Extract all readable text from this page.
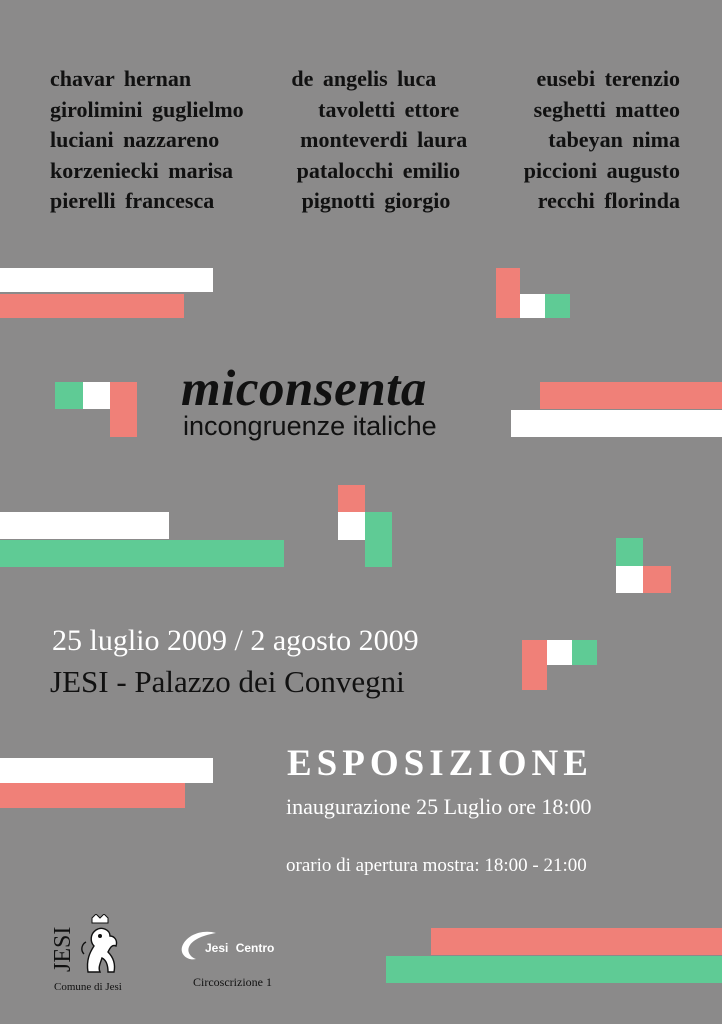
chavar hernan	de angelis luca	eusebi terenzio
girolimini guglielmo	tavoletti ettore	seghetti matteo
luciani nazzareno	monteverdi laura	tabeyan nima
korzeniecki marisa	patalocchi emilio	piccioni augusto
pierelli francesca	pignotti giorgio	recchi florinda
miconsenta
incongruenze italiche
25 luglio 2009 / 2 agosto 2009
JESI - Palazzo dei Convegni
ESPOSIZIONE
inaugurazione 25 Luglio ore 18:00
orario di apertura mostra: 18:00 - 21:00
JESI
Comune di Jesi
Jesi Centro
Circoscrizione 1
